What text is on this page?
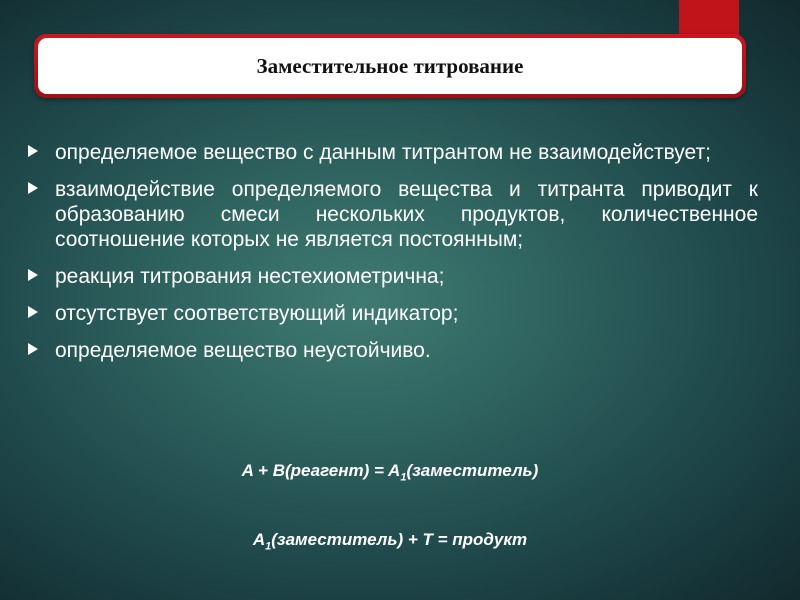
Заместительное титрование
определяемое вещество с данным титрантом не взаимодействует;
взаимодействие определяемого вещества и титранта приводит к образованию смеси нескольких продуктов, количественное соотношение которых не является постоянным;
реакция титрования нестехиометрична;
отсутствует соответствующий индикатор;
определяемое вещество неустойчиво.
A + B(реагент) = $A_1(заместитель)$
$A_1(заместитель) + T$ = продукт
